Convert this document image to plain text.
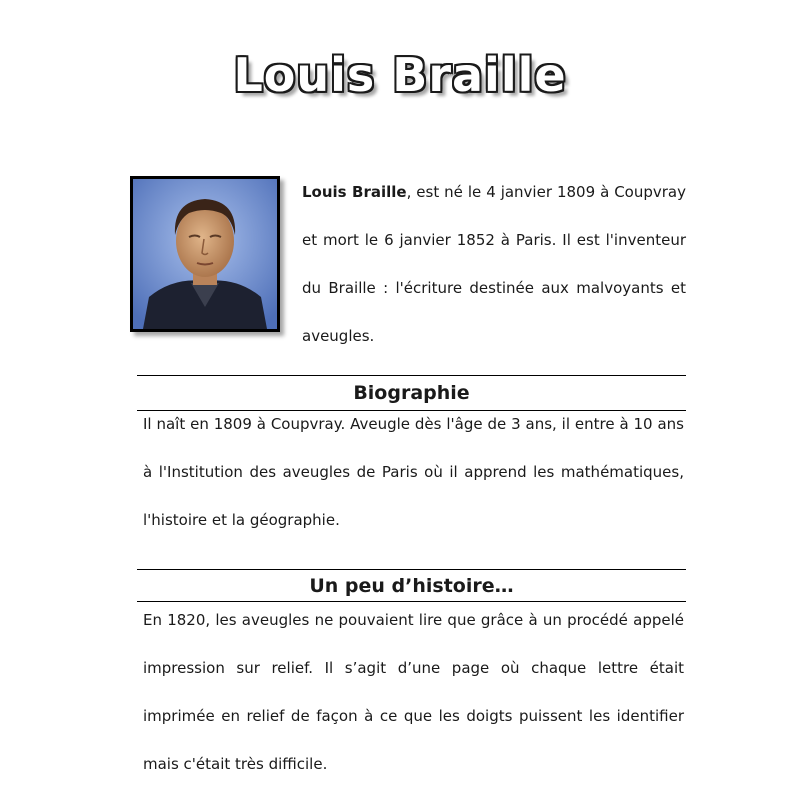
Louis Braille
Louis Braille, est né le 4 janvier 1809 à Coupvray et mort le 6 janvier 1852 à Paris. Il est l'inventeur du Braille : l'écriture destinée aux malvoyants et aveugles.
Biographie
Il naît en 1809 à Coupvray. Aveugle dès l'âge de 3 ans, il entre à 10 ans à l'Institution des aveugles de Paris où il apprend les mathématiques, l'histoire et la géographie.
Un peu d’histoire…
En 1820, les aveugles ne pouvaient lire que grâce à un procédé appelé impression sur relief. Il s’agit d’une page où chaque lettre était imprimée en relief de façon à ce que les doigts puissent les identifier mais c'était très difficile.
